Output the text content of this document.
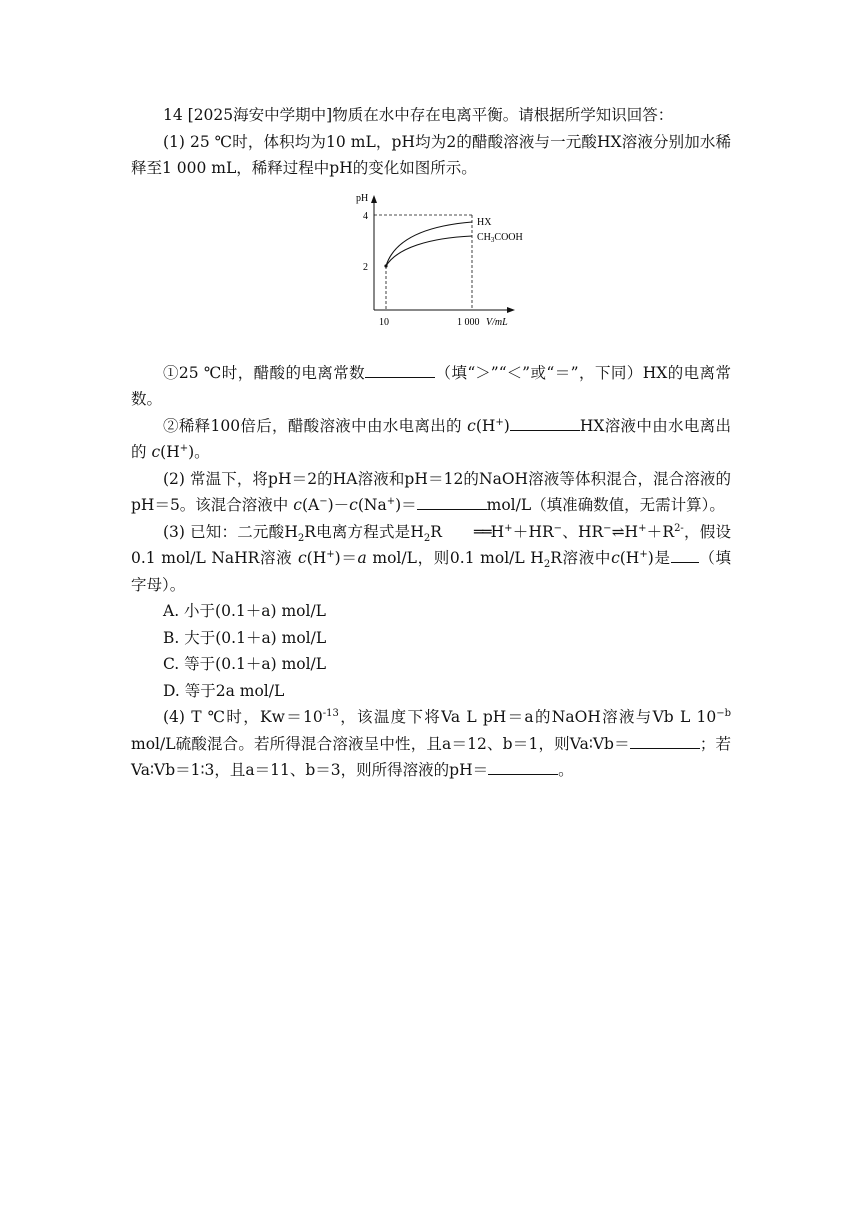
14 [2025海安中学期中]物质在水中存在电离平衡。请根据所学知识回答：

(1) 25 ℃时，体积均为10 mL，pH均为2的醋酸溶液与一元酸HX溶液分别加水稀释至1 000 mL，稀释过程中pH的变化如图所示。

pH
V/mL
4
2
10	1 000
HX
$CH_3COOH$

①25 ℃时，醋酸的电离常数	（填“＞”“＜”或“＝”，下同）HX的电离常数。

②稀释100倍后，醋酸溶液中由水电离出的 c(H+)	HX溶液中由水电离出的 c(H+)。

(2) 常温下，将pH＝2的HA溶液和pH＝12的NaOH溶液等体积混合，混合溶液的pH＝5。该混合溶液中 c(A−)－c(Na+)＝	mol/L（填准确数值，无需计算）。

(3) 已知：二元酸$H_2R$电离方程式是$H_2R$ ══H+＋HR−、$HR^-\rightleftharpoons H^++R^{2-}$，假设0.1 mol/L NaHR溶液 c(H+)＝a mol/L，则0.1 mol/L $H_2R$溶液中c(H+)是 （填字母）。

A. 小于(0.1＋a) mol/L

B. 大于(0.1＋a) mol/L

C. 等于(0.1＋a) mol/L

D. 等于2a mol/L

(4) T ℃时，$Kw=10^{-13}$，该温度下将Va L pH＝a的NaOH溶液与Vb L $10^{-b}$ mol/L硫酸混合。若所得混合溶液呈中性，且a＝12、b＝1，则Va∶Vb＝	；若Va∶Vb＝1∶3，且a＝11、b＝3，则所得溶液的pH＝	。
